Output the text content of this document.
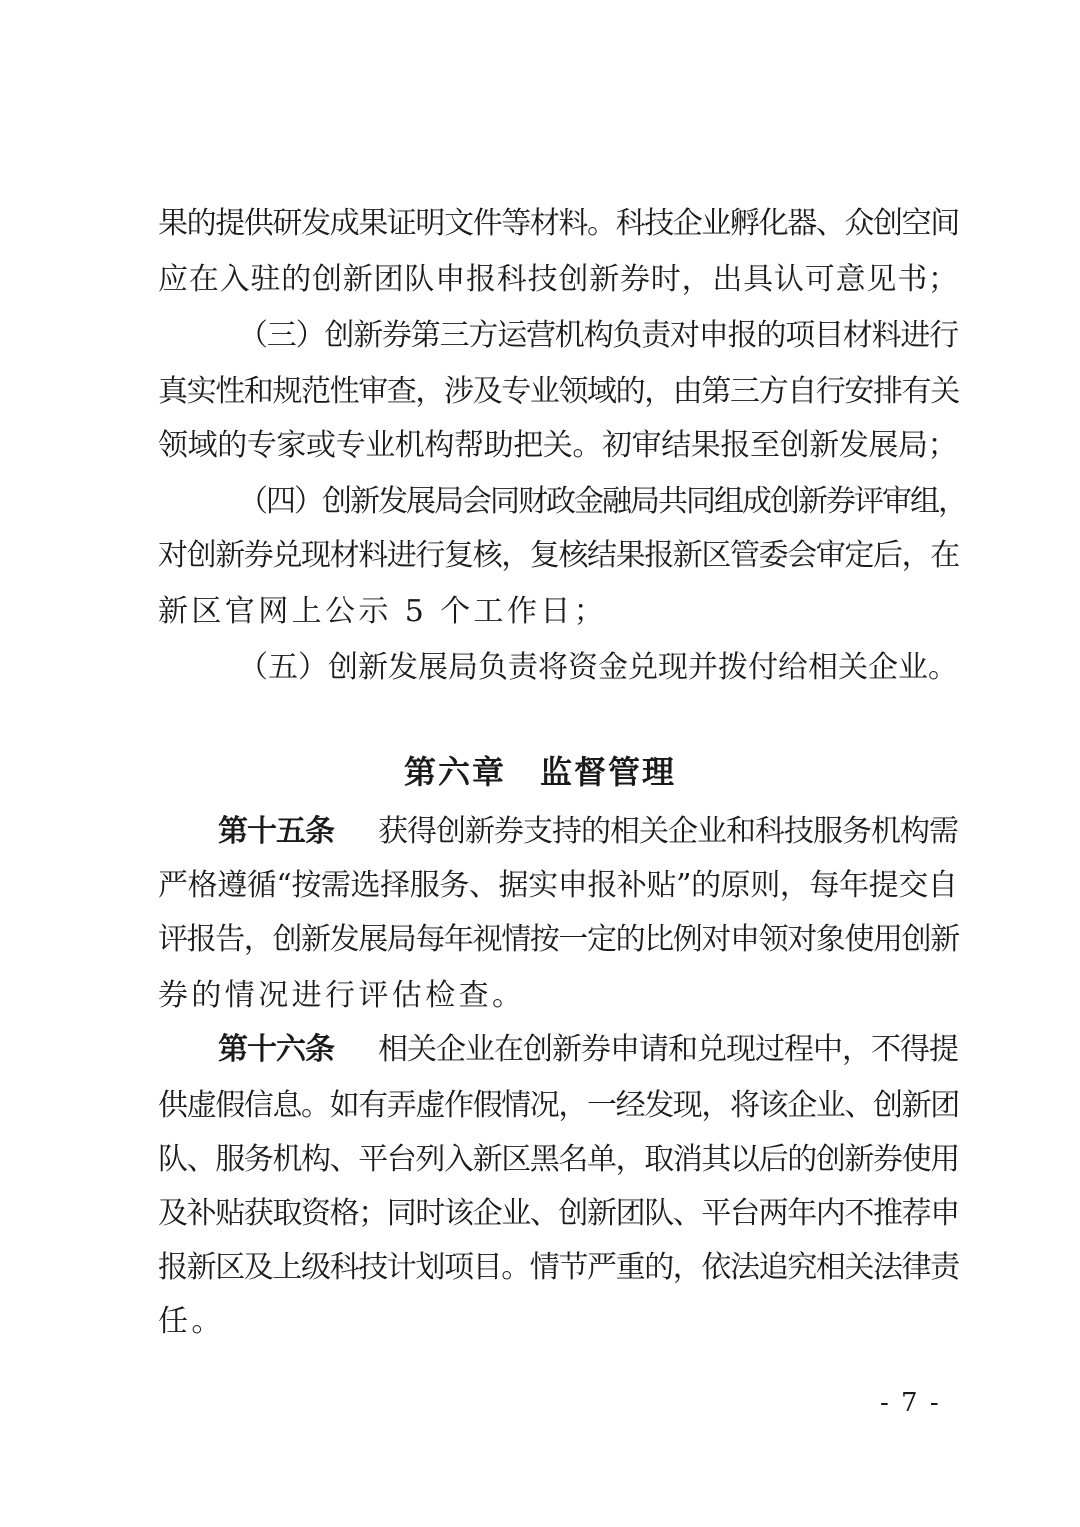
果的提供研发成果证明文件等材料。科技企业孵化器、众创空间
应在入驻的创新团队申报科技创新券时，出具认可意见书；
（三）创新券第三方运营机构负责对申报的项目材料进行
真实性和规范性审查，涉及专业领域的，由第三方自行安排有关
领域的专家或专业机构帮助把关。初审结果报至创新发展局；
（四）创新发展局会同财政金融局共同组成创新券评审组，
对创新券兑现材料进行复核，复核结果报新区管委会审定后，在
新区官网上公示 5 个工作日；
（五）创新发展局负责将资金兑现并拨付给相关企业。
第六章　监督管理
第十五条 获得创新券支持的相关企业和科技服务机构需
严格遵循“按需选择服务、据实申报补贴”的原则，每年提交自
评报告，创新发展局每年视情按一定的比例对申领对象使用创新
券的情况进行评估检查。
第十六条 相关企业在创新券申请和兑现过程中，不得提
供虚假信息。如有弄虚作假情况，一经发现，将该企业、创新团
队、服务机构、平台列入新区黑名单，取消其以后的创新券使用
及补贴获取资格；同时该企业、创新团队、平台两年内不推荐申
报新区及上级科技计划项目。情节严重的，依法追究相关法律责
任。
- 7 -
